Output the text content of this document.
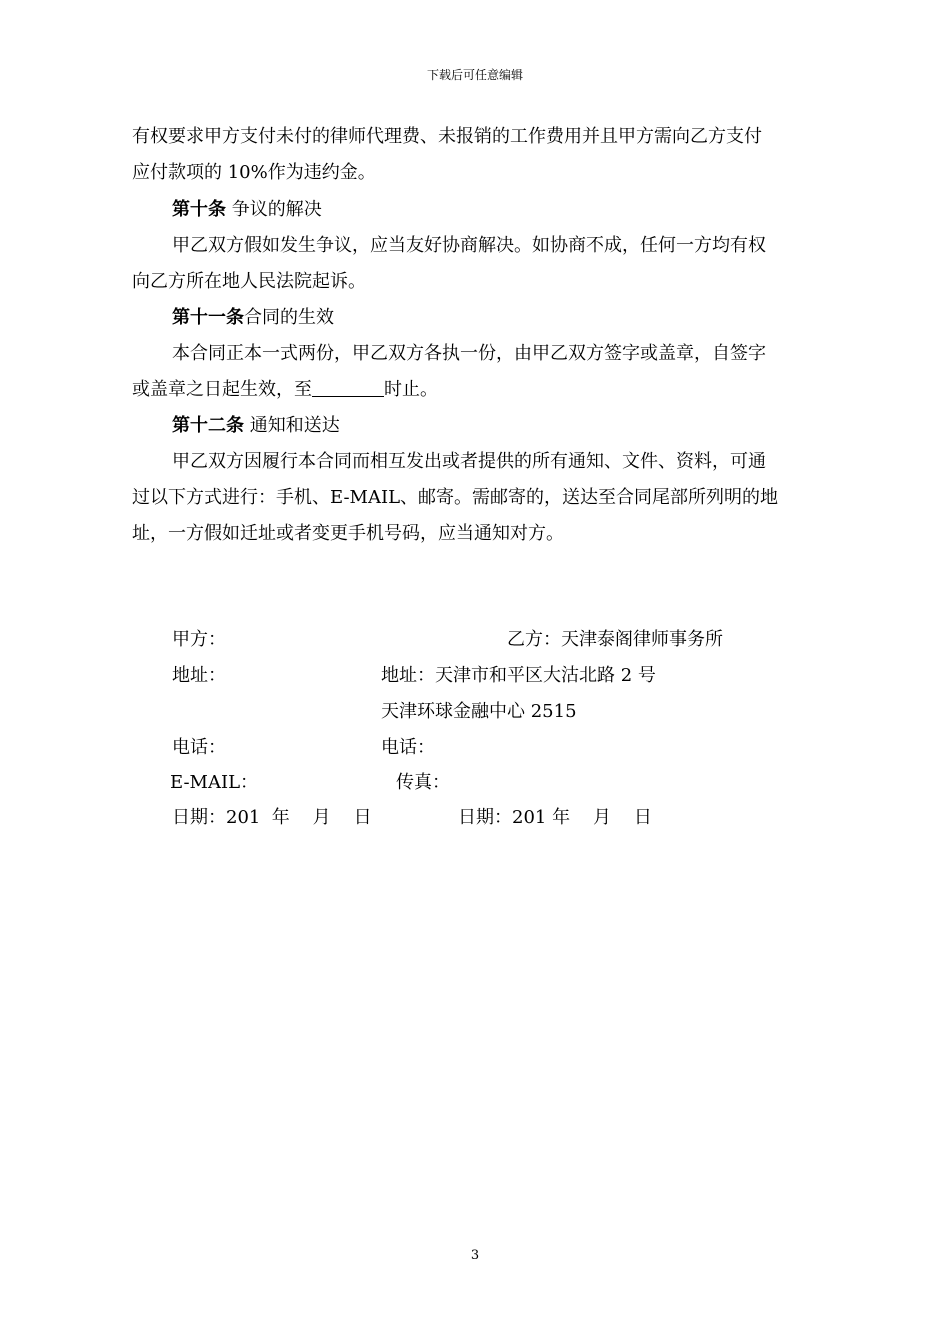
下载后可任意编辑
有权要求甲方支付未付的律师代理费、未报销的工作费用并且甲方需向乙方支付
应付款项的 10%作为违约金。
第十条 争议的解决
甲乙双方假如发生争议，应当友好协商解决。如协商不成，任何一方均有权
向乙方所在地人民法院起诉。
第十一条合同的生效
本合同正本一式两份，甲乙双方各执一份，由甲乙双方签字或盖章，自签字
或盖章之日起生效，至	时止。
第十二条 通知和送达
甲乙双方因履行本合同而相互发出或者提供的所有通知、文件、资料，可通
过以下方式进行：手机、E-MAIL、邮寄。需邮寄的，送达至合同尾部所列明的地
址，一方假如迁址或者变更手机号码，应当通知对方。
甲方：	乙方：天津泰阁律师事务所
地址：	地址：天津市和平区大沽北路 2 号
天津环球金融中心 2515
电话：	电话：
E-MAIL：	传真：
日期：201  年    月    日	日期：201 年    月    日
3
